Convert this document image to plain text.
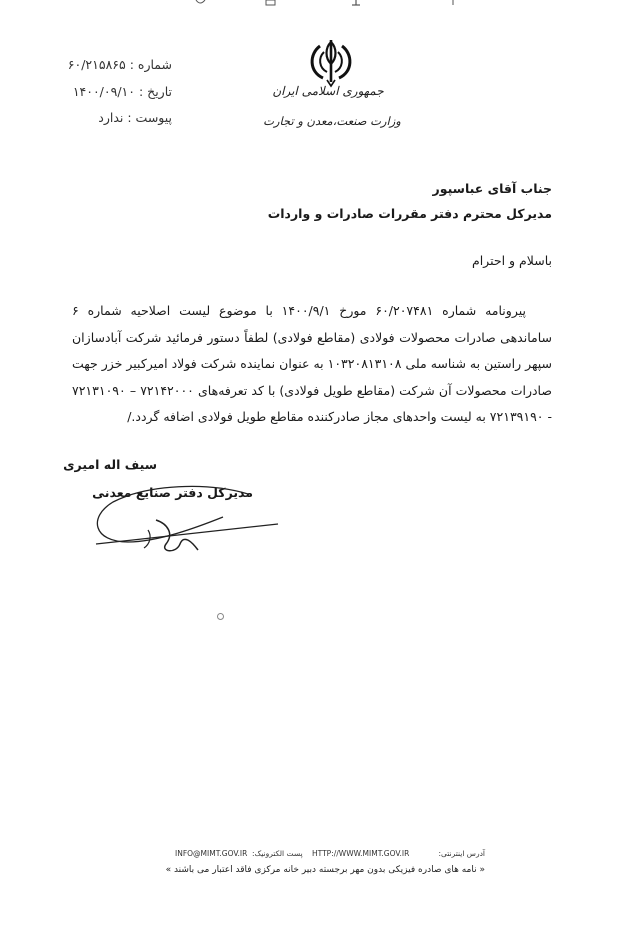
جمهوری اسلامی ایران
وزارت صنعت،معدن و تجارت
شماره : ۶۰/۲۱۵۸۶۵
تاریخ : ۱۴۰۰/۰۹/۱۰
پیوست : ندارد
جناب آقای عباسپور
مدیرکل محترم دفتر مقررات صادرات و واردات
باسلام و احترام

پیرونامه شماره ۶۰/۲۰۷۴۸۱ مورخ ۱۴۰۰/۹/۱ با موضوع لیست اصلاحیه شماره ۶ ساماندهی صادرات محصولات فولادی (مقاطع فولادی) لطفاً دستور فرمائید شرکت آبادسازان سپهر راستین به شناسه ملی ۱۰۳۲۰۸۱۳۱۰۸ به عنوان نماینده شرکت فولاد امیرکبیر خزر جهت صادرات محصولات آن شرکت (مقاطع طویل فولادی) با کد تعرفه‌های ۷۲۱۴۲۰۰۰ – ۷۲۱۳۱۰۹۰ - ۷۲۱۳۹۱۹۰ به لیست واحدهای مجاز صادرکننده مقاطع طویل فولادی اضافه گردد./

سیف اله امیری
مدیرکل دفتر صنایع معدنی
آدرس اینترنتی:
HTTP://WWW.MIMT.GOV.IR
پست الکترونیک:
INFO@MIMT.GOV.IR
« نامه های صادره فیزیکی بدون مهر برجسته دبیر خانه مرکزی فاقد اعتبار می باشند »
